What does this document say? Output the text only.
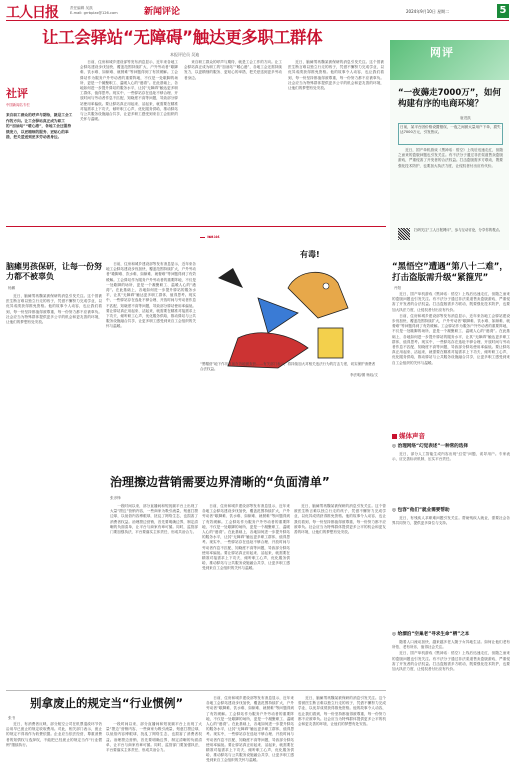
工人日报	责任编辑 吴凯
E-mail: grrbplzx@126.com	新闻评论	2024年9月10日 星期二	5
让工会驿站“无障碍”触达更多职工群体
本报评论员 吴迪
社评
中国新闻名专栏
来自职工群众的呼声与期待，就是工会工作的方向。让工会驿站真正成为职工的“加油站”“暖心港”，各地工会还需持续发力，以更精细的服务、更贴心的举措，把关爱送到更多劳动者身边。

日前，住房和城乡建设部等发布消息显示，近年来各地工会驿站建设步伐加快，覆盖范围持续扩大，户外劳动者“歇脚难、饮水难、如厕难、就餐难”等问题得到了有效缓解。工会驿站作为服务户外劳动者的重要阵地，不仅是一处歇脚的场所，更是一个凝聚职工、温暖人心的“港湾”。在此基础上，各地如何进一步提升驿站的服务水平，让其“无障碍”触达更多职工群体，值得思考。现实中，一些驿站存在选址不够合理、开放时间与劳动者作息不匹配、知晓度不高等问题，导致部分驿站使用率偏低。要让驿站真正用起来、活起来，就需要在精准对接需求上下功夫，倾听职工心声，优化服务供给，推动驿站与公共服务设施融合共享，让更多职工感受到来自工会组织的关怀与温暖。

来自职工群众的呼声与期待，就是工会工作的方向。让工会驿站真正成为职工的“加油站”“暖心港”，各地工会还需持续发力，以更精细的服务、更贴心的举措，把关爱送到更多劳动者身边。

近日，脑瘫男孩魏某被保研的消息引发关注。这个曾被医生断言难以独立行走的孩子，凭借不懈努力完成学业，以优异成绩获得推免资格。他的故事令人动容，也让我们看到，每一份坚持都值得被尊重，每一份努力都不应被辜负。社会应当为特殊群体提供更多公平的机会和更友善的环境，让他们的梦想有处安放。

脑瘫男孩保研，让每一份努力都不被辜负
杨鹏

近日，脑瘫男孩魏某被保研的消息引发关注。这个曾被医生断言难以独立行走的孩子，凭借不懈努力完成学业，以优异成绩获得推免资格。他的故事令人动容，也让我们看到，每一份坚持都值得被尊重，每一份努力都不应被辜负。社会应当为特殊群体提供更多公平的机会和更友善的环境，让他们的梦想有处安放。

日前，住房和城乡建设部等发布消息显示，近年来各地工会驿站建设步伐加快，覆盖范围持续扩大，户外劳动者“歇脚难、饮水难、如厕难、就餐难”等问题得到了有效缓解。工会驿站作为服务户外劳动者的重要阵地，不仅是一处歇脚的场所，更是一个凝聚职工、温暖人心的“港湾”。在此基础上，各地如何进一步提升驿站的服务水平，让其“无障碍”触达更多职工群体，值得思考。现实中，一些驿站存在选址不够合理、开放时间与劳动者作息不匹配、知晓度不高等问题，导致部分驿站使用率偏低。要让驿站真正用起来、活起来，就需要在精准对接需求上下功夫，倾听职工心声，优化服务供给，推动驿站与公共服务设施融合共享，让更多职工感受到来自工会组织的关怀与温暖。

有毒!
“黑帽营”地下作坊日前在各地被查获……有关部门表示，将持续加大对相关违法行为的打击力度，切实保护消费者合法权益。
李法明/图 杨珏/文
网评
“一夜薅走7000万”，如何构建有序的电商环境？
唐进凯
日前，某平台因价格设置错误，一夜之间被大量用户下单，损失达7000万元，引发热议。

近日，国产单机游戏《黑神话：悟空》上线后迅速走红，但随之而来的盗版问题也引发关注。有不法分子通过非法渠道售卖盗版游戏，严重侵害了开发者的合法权益。打击盗版需多方联动，既要强化技术防护，也要加大执法力度，让侵权者付出应有代价。

扫码关注“工人日报网评”，参与互动讨论，分享你的观点。
“黑悟空”遭遇“第八十二难”，打击盗版需升级“紧箍咒”
丹阳

近日，国产单机游戏《黑神话：悟空》上线后迅速走红，但随之而来的盗版问题也引发关注。有不法分子通过非法渠道售卖盗版游戏，严重侵害了开发者的合法权益。打击盗版需多方联动，既要强化技术防护，也要加大执法力度，让侵权者付出应有代价。

日前，住房和城乡建设部等发布消息显示，近年来各地工会驿站建设步伐加快，覆盖范围持续扩大，户外劳动者“歇脚难、饮水难、如厕难、就餐难”等问题得到了有效缓解。工会驿站作为服务户外劳动者的重要阵地，不仅是一处歇脚的场所，更是一个凝聚职工、温暖人心的“港湾”。在此基础上，各地如何进一步提升驿站的服务水平，让其“无障碍”触达更多职工群体，值得思考。现实中，一些驿站存在选址不够合理、开放时间与劳动者作息不匹配、知晓度不高等问题，导致部分驿站使用率偏低。要让驿站真正用起来、活起来，就需要在精准对接需求上下功夫，倾听职工心声，优化服务供给，推动驿站与公共服务设施融合共享，让更多职工感受到来自工会组织的关怀与温暖。

治理擦边营销需要边界清晰的“负面清单”
张彦锋

一段时间以来，部分直播间和短视频平台上出现了大量“擦边”营销内容，一些商家为吸引流量，刻意打擦边球，以低俗内容博眼球，扰乱了网络生态，也损害了消费者权益。治理擦边营销，首先要明确边界，制定清晰的负面清单，让平台与商家有章可循。同时，监管部门要加强执法，平台要落实主体责任，形成共治合力。

日前，住房和城乡建设部等发布消息显示，近年来各地工会驿站建设步伐加快，覆盖范围持续扩大，户外劳动者“歇脚难、饮水难、如厕难、就餐难”等问题得到了有效缓解。工会驿站作为服务户外劳动者的重要阵地，不仅是一处歇脚的场所，更是一个凝聚职工、温暖人心的“港湾”。在此基础上，各地如何进一步提升驿站的服务水平，让其“无障碍”触达更多职工群体，值得思考。现实中，一些驿站存在选址不够合理、开放时间与劳动者作息不匹配、知晓度不高等问题，导致部分驿站使用率偏低。要让驿站真正用起来、活起来，就需要在精准对接需求上下功夫，倾听职工心声，优化服务供给，推动驿站与公共服务设施融合共享，让更多职工感受到来自工会组织的关怀与温暖。

近日，脑瘫男孩魏某被保研的消息引发关注。这个曾被医生断言难以独立行走的孩子，凭借不懈努力完成学业，以优异成绩获得推免资格。他的故事令人动容，也让我们看到，每一份坚持都值得被尊重，每一份努力都不应被辜负。社会应当为特殊群体提供更多公平的机会和更友善的环境，让他们的梦想有处安放。

媒体声音
◎ 治理网络“幻觉表述”一种常的选择

近日，部分人工智能生成内容出现“幻觉”问题，误导用户。专家表示，应完善标识机制，压实平台责任。

◎ 包容“他们”就业需要帮助

近日，有残疾人求职难问题引发关注。帮助残疾人就业，需要社会各界共同努力，提供更多岗位与支持。

◎ 给漂泊“空巢老”寻求生命“栖”之本

随着人口流动加快，越来越多老人随子女异地生活。如何让他们老有所依、老有所乐，值得社会关注。

近日，国产单机游戏《黑神话：悟空》上线后迅速走红，但随之而来的盗版问题也引发关注。有不法分子通过非法渠道售卖盗版游戏，严重侵害了开发者的合法权益。打击盗版需多方联动，既要强化技术防护，也要加大执法力度，让侵权者付出应有代价。

别拿废止的规定当“行业惯例”
张书

近日，有消费者反映，部分航空公司在机票退改环节仍沿用早已废止的规定收取费用。对此，相关部门表示，废止的规定不得再作为收费依据。企业应当依法经营，尊重消费者的知情权与选择权，不能把已经废止的规定当作“行业惯例”继续执行。

一段时间以来，部分直播间和短视频平台上出现了大量“擦边”营销内容，一些商家为吸引流量，刻意打擦边球，以低俗内容博眼球，扰乱了网络生态，也损害了消费者权益。治理擦边营销，首先要明确边界，制定清晰的负面清单，让平台与商家有章可循。同时，监管部门要加强执法，平台要落实主体责任，形成共治合力。

日前，住房和城乡建设部等发布消息显示，近年来各地工会驿站建设步伐加快，覆盖范围持续扩大，户外劳动者“歇脚难、饮水难、如厕难、就餐难”等问题得到了有效缓解。工会驿站作为服务户外劳动者的重要阵地，不仅是一处歇脚的场所，更是一个凝聚职工、温暖人心的“港湾”。在此基础上，各地如何进一步提升驿站的服务水平，让其“无障碍”触达更多职工群体，值得思考。现实中，一些驿站存在选址不够合理、开放时间与劳动者作息不匹配、知晓度不高等问题，导致部分驿站使用率偏低。要让驿站真正用起来、活起来，就需要在精准对接需求上下功夫，倾听职工心声，优化服务供给，推动驿站与公共服务设施融合共享，让更多职工感受到来自工会组织的关怀与温暖。

近日，脑瘫男孩魏某被保研的消息引发关注。这个曾被医生断言难以独立行走的孩子，凭借不懈努力完成学业，以优异成绩获得推免资格。他的故事令人动容，也让我们看到，每一份坚持都值得被尊重，每一份努力都不应被辜负。社会应当为特殊群体提供更多公平的机会和更友善的环境，让他们的梦想有处安放。
